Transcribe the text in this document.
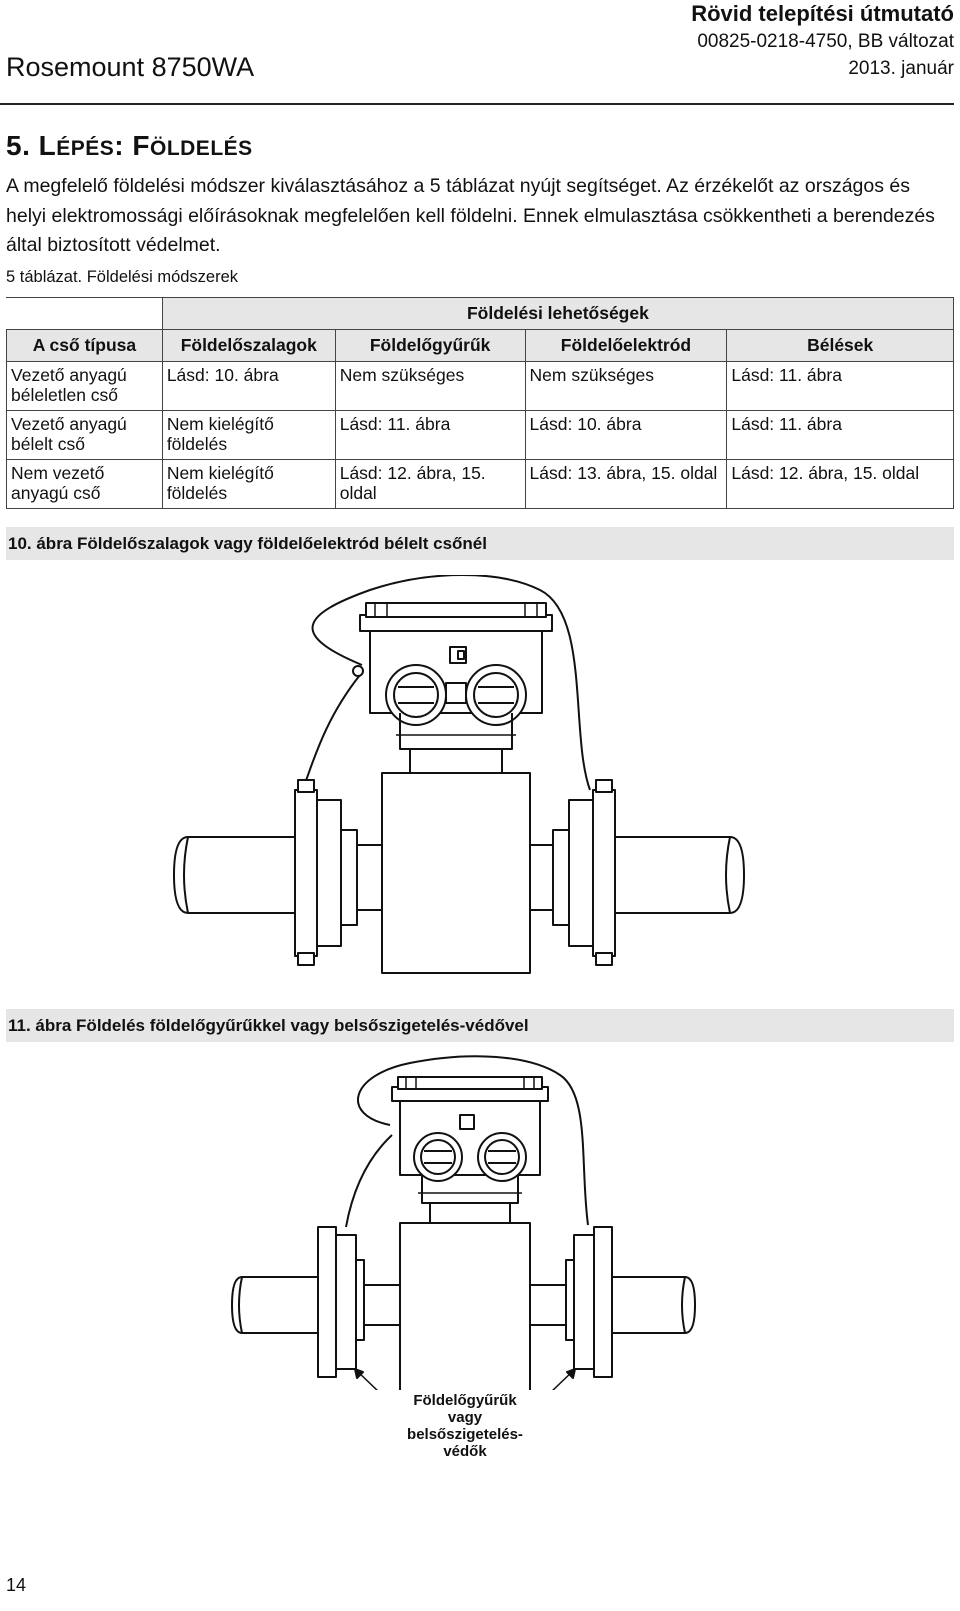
Rosemount 8750WA
Rövid telepítési útmutató
00825-0218-4750, BB változat
2013. január
5. LÉPÉS: FÖLDELÉS
A megfelelő földelési módszer kiválasztásához a 5 táblázat nyújt segítséget. Az érzékelőt az országos és helyi elektromossági előírásoknak megfelelően kell földelni. Ennek elmulasztása csökkentheti a berendezés által biztosított védelmet.
5 táblázat. Földelési módszerek
	Földelési lehetőségek			
A cső típusa	Földelőszalagok	Földelőgyűrűk	Földelőelektród	Bélések
Vezető anyagú béleletlen cső	Lásd: 10. ábra	Nem szükséges	Nem szükséges	Lásd: 11. ábra
Vezető anyagú bélelt cső	Nem kielégítő földelés	Lásd: 11. ábra	Lásd: 10. ábra	Lásd: 11. ábra
Nem vezető anyagú cső	Nem kielégítő földelés	Lásd: 12. ábra, 15. oldal	Lásd: 13. ábra, 15. oldal	Lásd: 12. ábra, 15. oldal
10. ábra Földelőszalagok vagy földelőelektród bélelt csőnél
11. ábra Földelés földelőgyűrűkkel vagy belsőszigetelés-védővel
Földelőgyűrűk
vagy
belsőszigetelés-
védők
14
